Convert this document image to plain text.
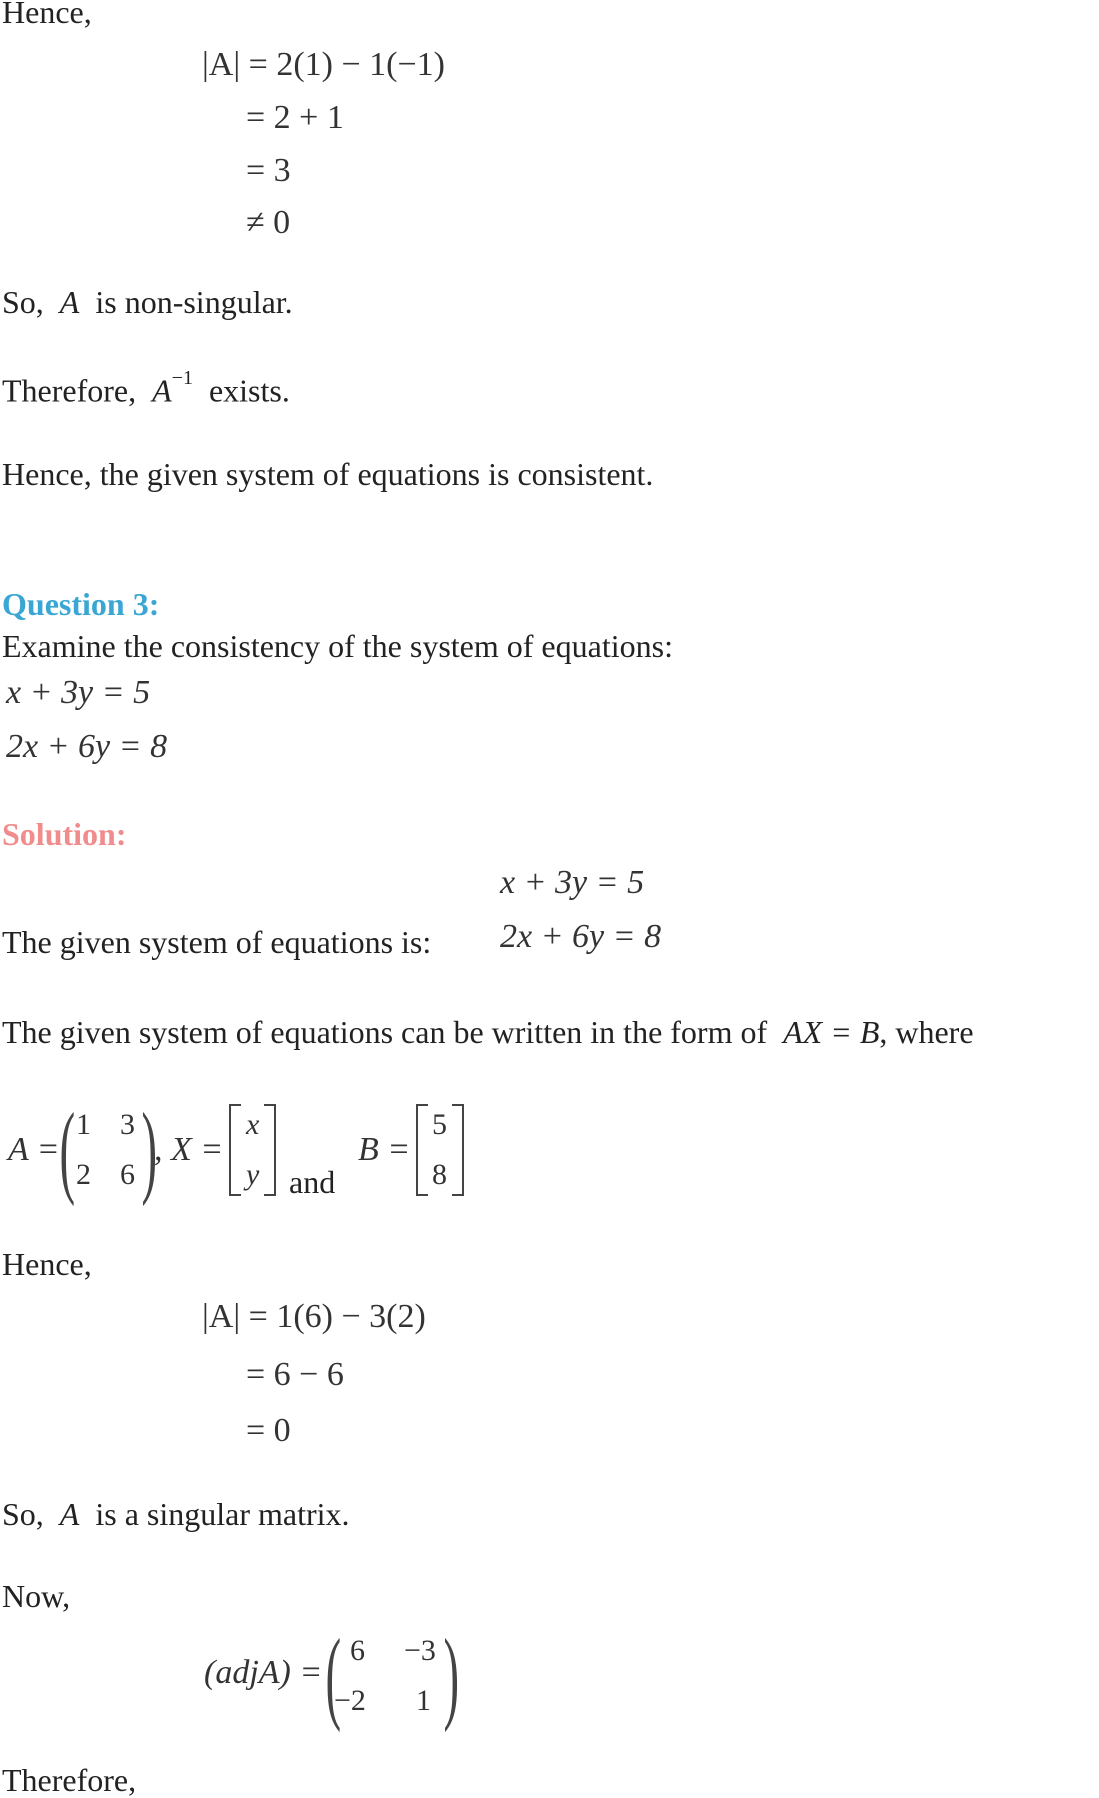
Hence,
|A| = 2(1) − 1(−1)
= 2 + 1
= 3
≠ 0
So, A is non-singular.
Therefore, $A^{-1}$ exists.
Hence, the given system of equations is consistent.
Question 3:
Examine the consistency of the system of equations:
x + 3y = 5
2x + 6y = 8
Solution:
x + 3y = 5
The given system of equations is: 2x + 6y = 8
The given system of equations can be written in the form of AX = B, where
A = ( 1 3
2 6 )
, X =
x
y and
B =
5
8
Hence,
|A| = 1(6) − 3(2)
= 6 − 6
= 0
So, A is a singular matrix.
Now,
(adjA) = ( 6 −3
−2 1 )
Therefore,
